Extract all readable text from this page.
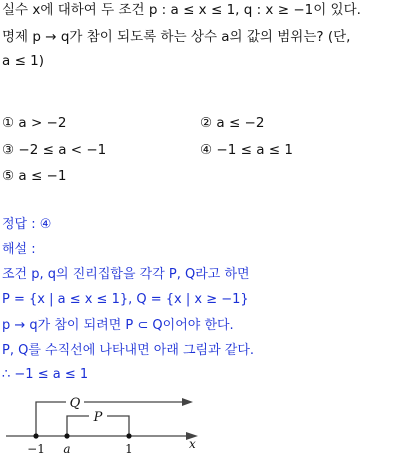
실수 x에 대하여 두 조건 p : a ≤ x ≤ 1, q : x ≥ −1이 있다.
명제 p → q가 참이 되도록 하는 상수 a의 값의 범위는? (단,
a ≤ 1)
① a > −2	② a ≤ −2
③ −2 ≤ a < −1	④ −1 ≤ a ≤ 1
⑤ a ≤ −1
정답 : ④
해설 :
조건 p, q의 진리집합을 각각 P, Q라고 하면
P = {x | a ≤ x ≤ 1}, Q = {x | x ≥ −1}
p → q가 참이 되려면 P ⊂ Q이어야 한다.
P, Q를 수직선에 나타내면 아래 그림과 같다.
∴ −1 ≤ a ≤ 1
Q
P
−1 a	1	x
